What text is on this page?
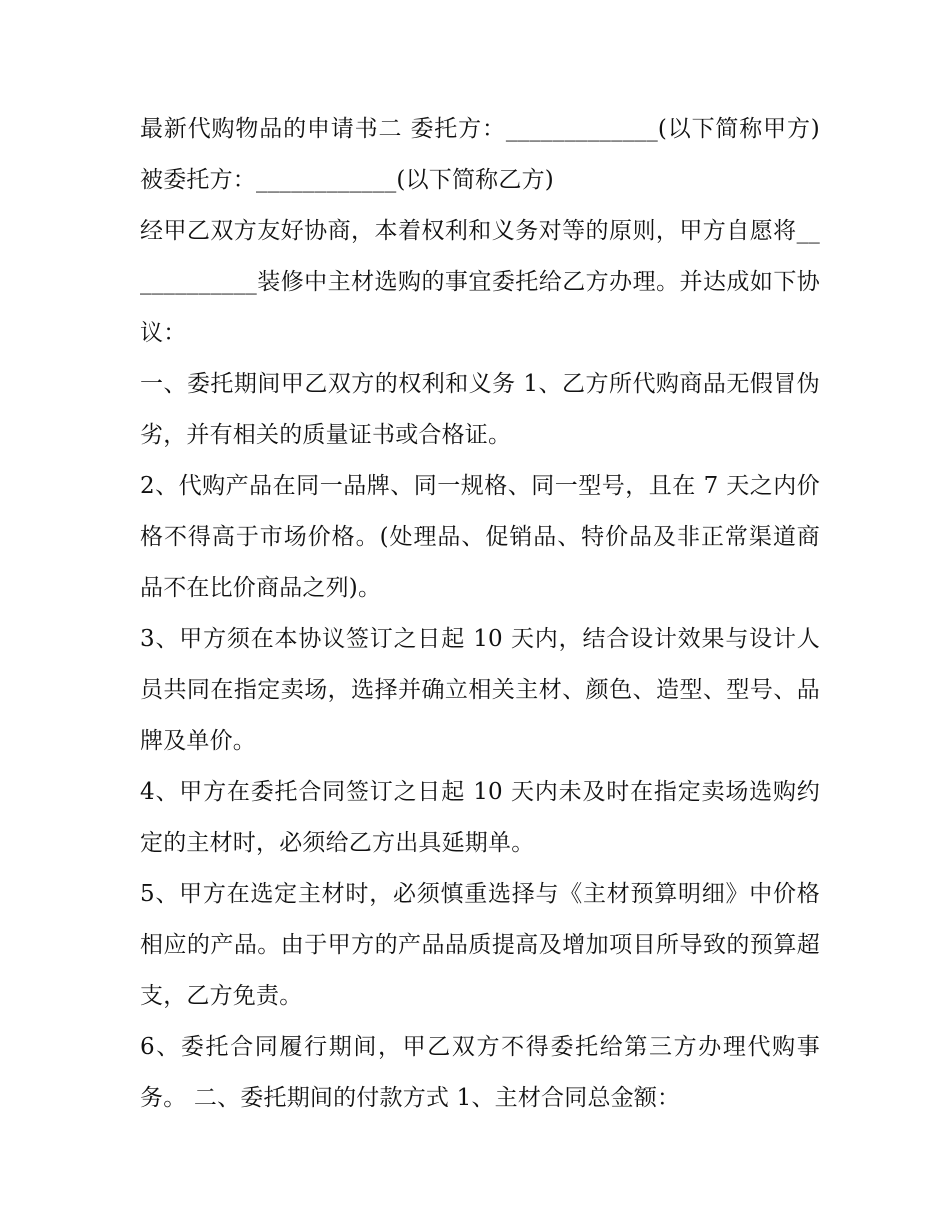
最新代购物品的申请书二 委托方：_____________(以下简称甲方) 被委托方：____________(以下简称乙方)

经甲乙双方友好协商，本着权利和义务对等的原则，甲方自愿将____________装修中主材选购的事宜委托给乙方办理。并达成如下协议：

一、委托期间甲乙双方的权利和义务 1、乙方所代购商品无假冒伪劣，并有相关的质量证书或合格证。

2、代购产品在同一品牌、同一规格、同一型号，且在 7 天之内价格不得高于市场价格。(处理品、促销品、特价品及非正常渠道商品不在比价商品之列)。

3、甲方须在本协议签订之日起 10 天内，结合设计效果与设计人员共同在指定卖场，选择并确立相关主材、颜色、造型、型号、品牌及单价。

4、甲方在委托合同签订之日起 10 天内未及时在指定卖场选购约定的主材时，必须给乙方出具延期单。

5、甲方在选定主材时，必须慎重选择与《主材预算明细》中价格相应的产品。由于甲方的产品品质提高及增加项目所导致的预算超支，乙方免责。

6、委托合同履行期间，甲乙双方不得委托给第三方办理代购事务。 二、委托期间的付款方式 1、主材合同总金额：
